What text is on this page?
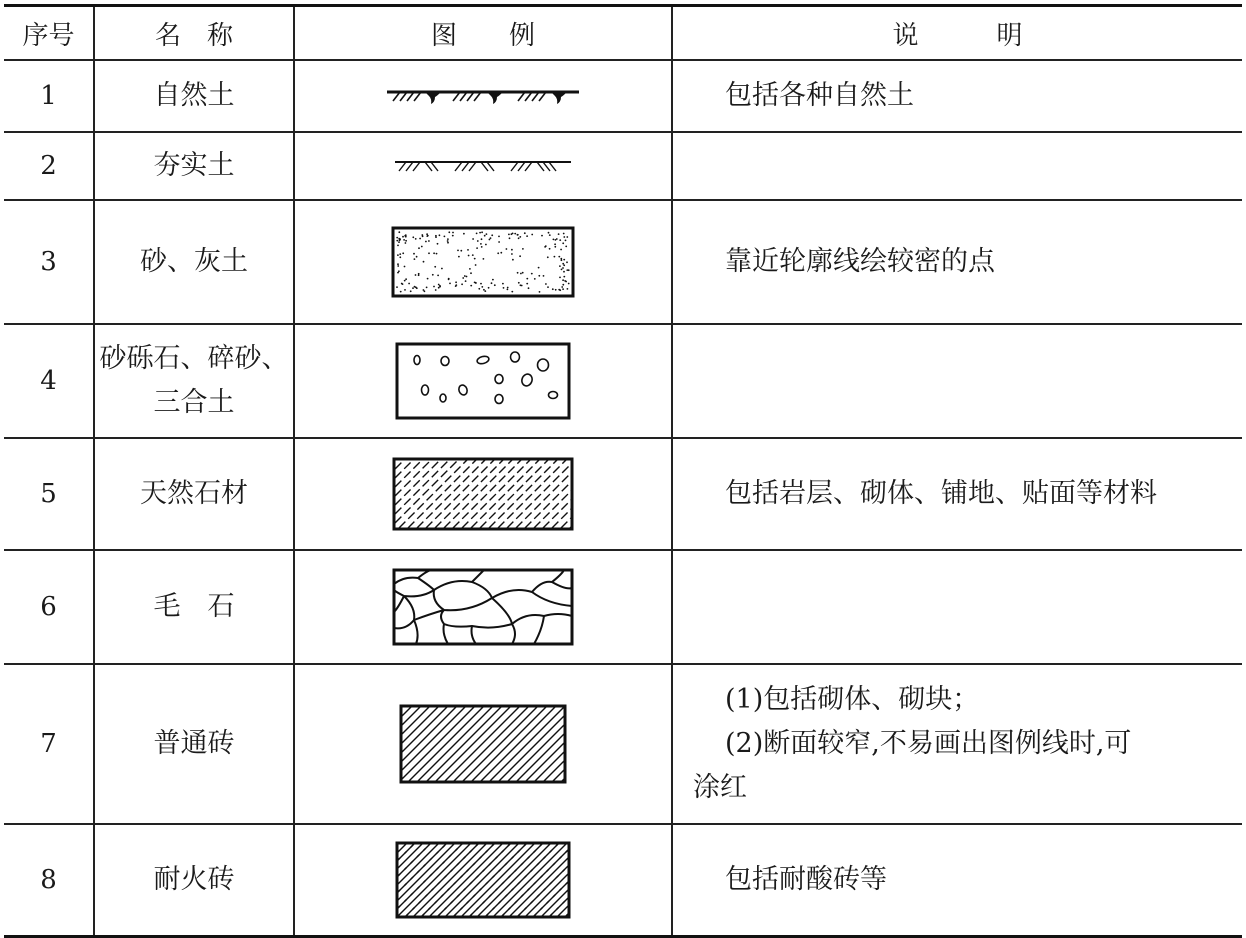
序号	名　称	图　　例	说　　　明
1	自然土		包括各种自然土
2	夯实土	

3	砂、灰土		靠近轮廓线绘较密的点
4	砂砾石、碎砂、
三合土

5	天然石材		包括岩层、砌体、铺地、贴面等材料
6	毛　石	

7	普通砖		(1)包括砌体、砌块；
(2)断面较窄,不易画出图例线时,可
涂红

8	耐火砖		包括耐酸砖等
